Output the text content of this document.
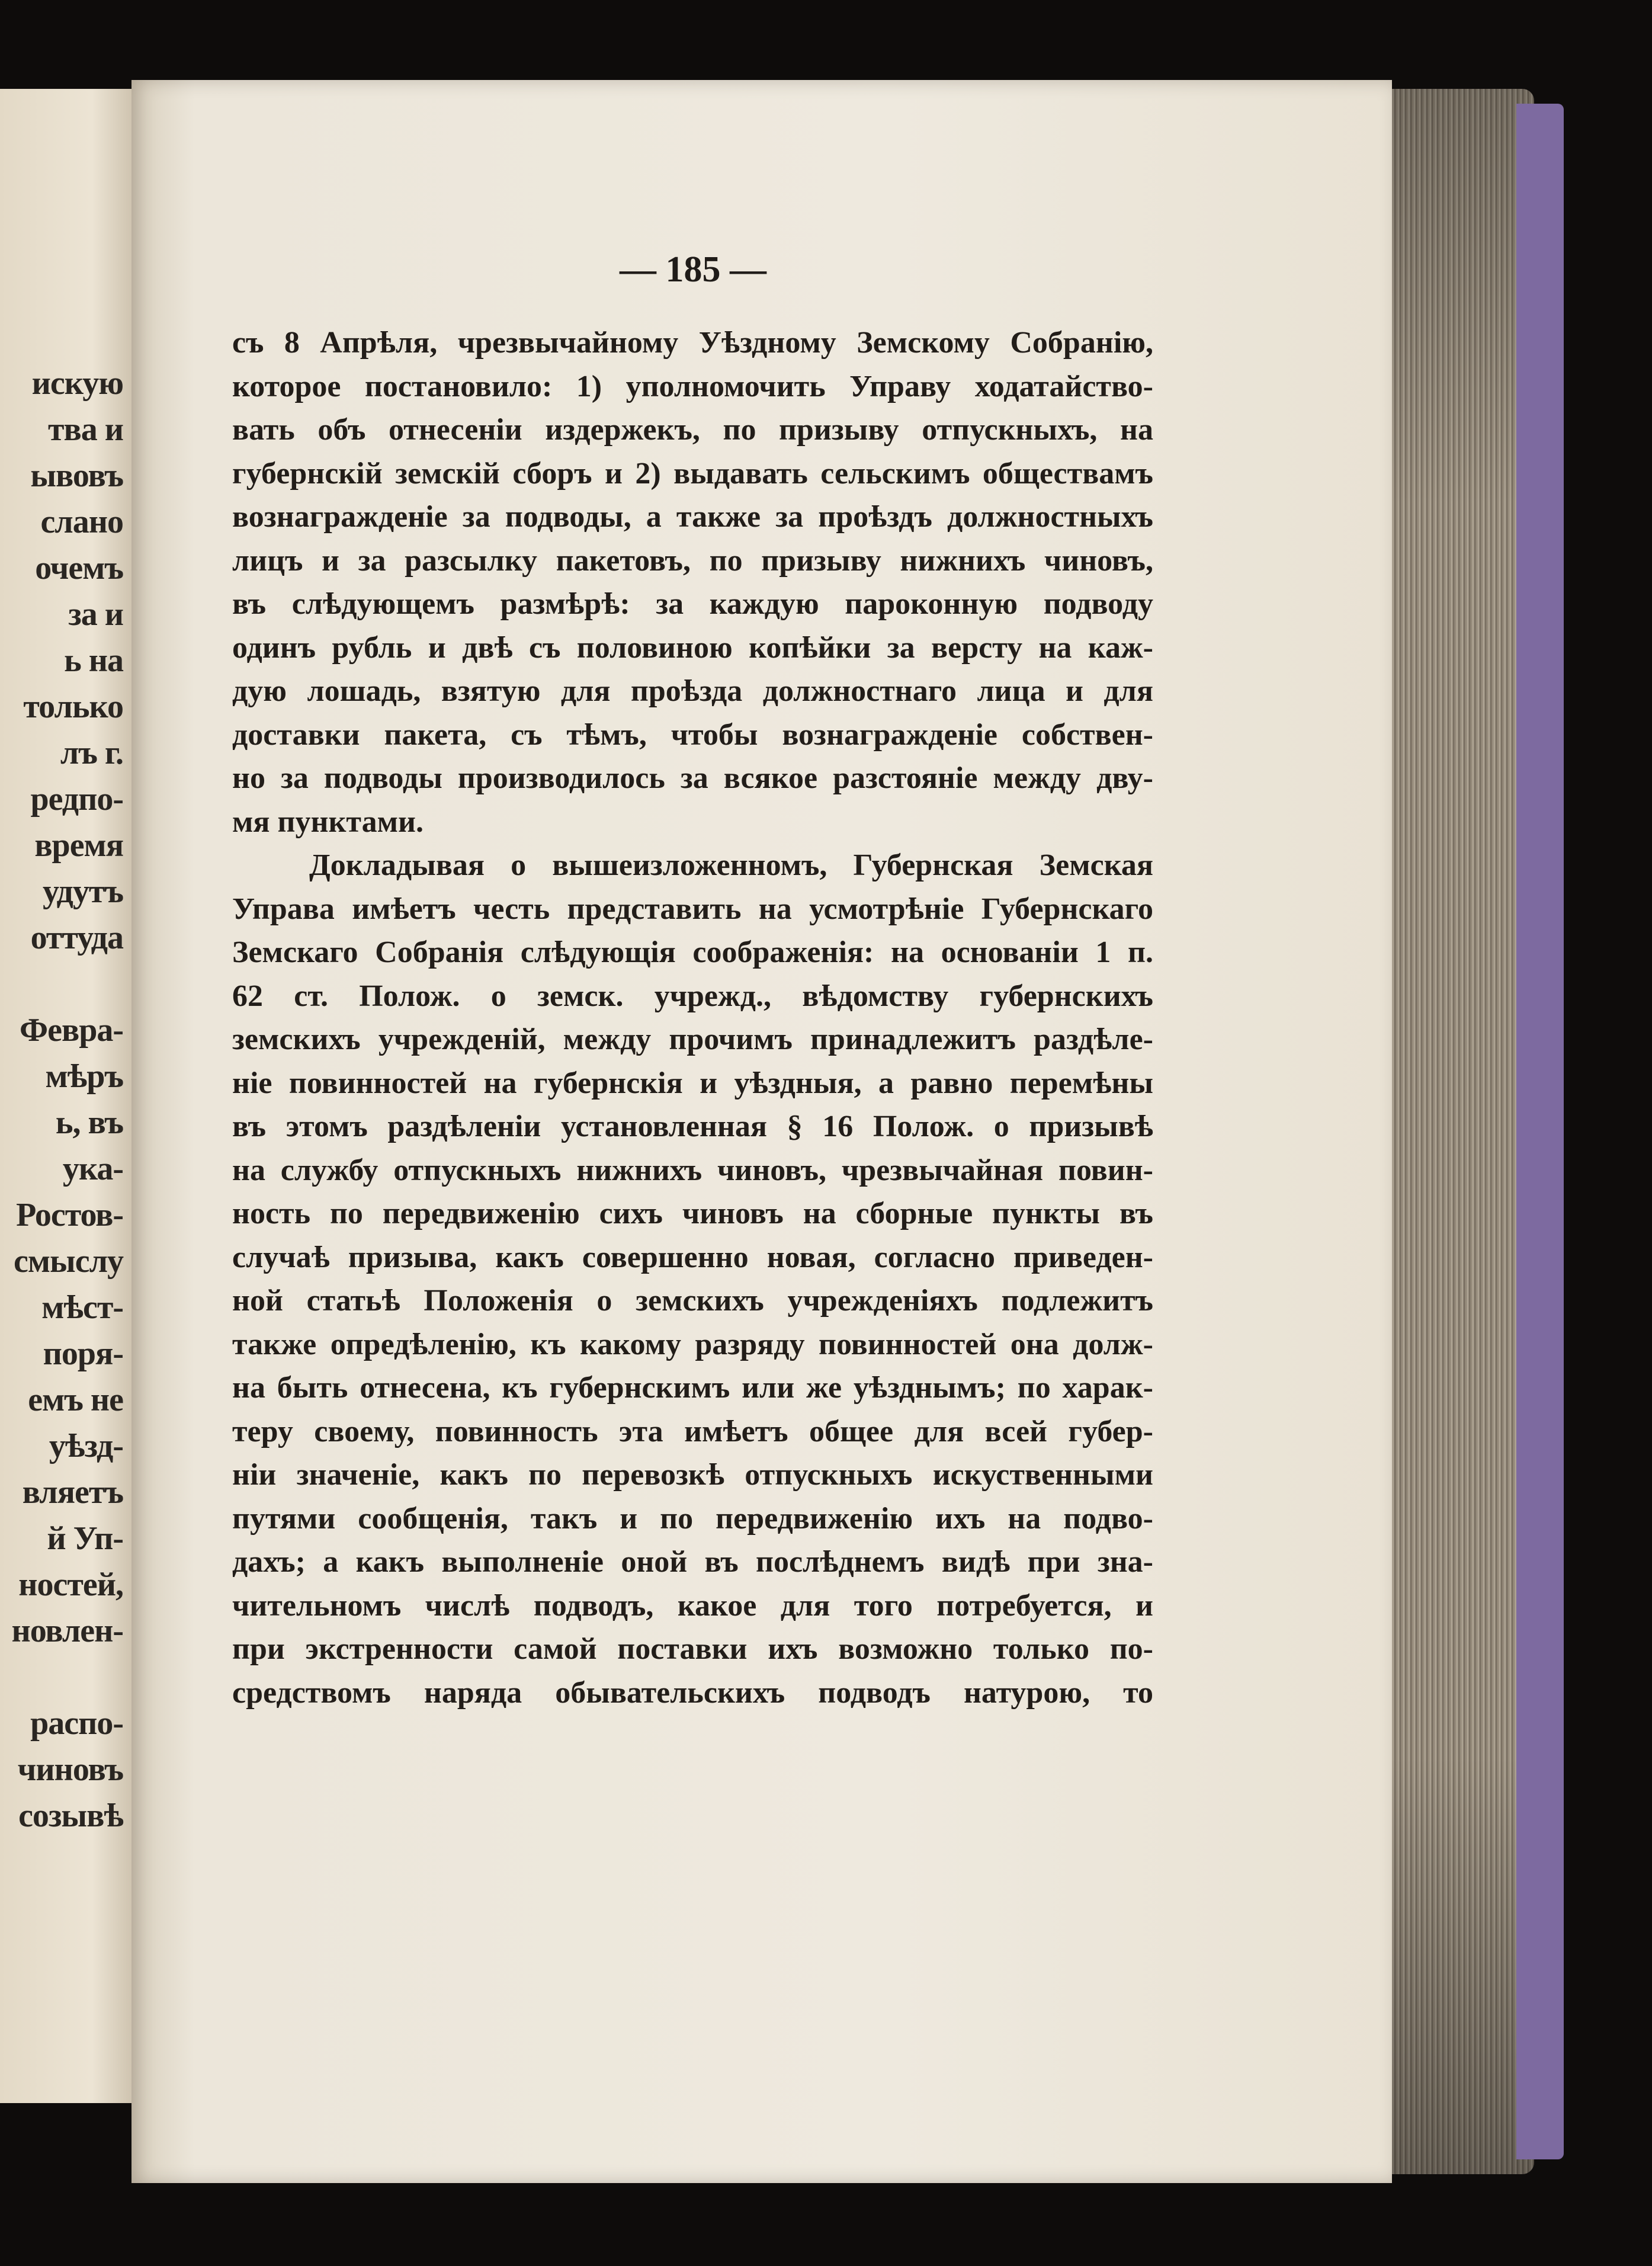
искую
тва и
ывовъ
слано
очемъ
за и
ь на
только
лъ г.
редпо-
время
удутъ
оттуда
Февра-
мѣръ
ь, въ
ука-
Ростов-
смыслу
мѣст-
поря-
емъ не
уѣзд-
вляетъ
й Уп-
ностей,
новлен-
распо-
чиновъ
созывѣ
— 185 —
съ 8 Апрѣля, чрезвычайному Уѣздному Земскому Собранію,
которое постановило: 1) уполномочить Управу ходатайство-
вать объ отнесеніи издержекъ, по призыву отпускныхъ, на
губернскій земскій сборъ и 2) выдавать сельскимъ обществамъ
вознагражденіе за подводы, а также за проѣздъ должностныхъ
лицъ и за разсылку пакетовъ, по призыву нижнихъ чиновъ,
въ слѣдующемъ размѣрѣ: за каждую пароконную подводу
одинъ рубль и двѣ съ половиною копѣйки за версту на каж-
дую лошадь, взятую для проѣзда должностнаго лица и для
доставки пакета, съ тѣмъ, чтобы вознагражденіе собствен-
но за подводы производилось за всякое разстояніе между дву-
мя пунктами.
Докладывая о вышеизложенномъ, Губернская Земская
Управа имѣетъ честь представить на усмотрѣніе Губернскаго
Земскаго Собранія слѣдующія соображенія: на основаніи 1 п.
62 ст. Полож. о земск. учрежд., вѣдомству губернскихъ
земскихъ учрежденій, между прочимъ принадлежитъ раздѣле-
ніе повинностей на губернскія и уѣздныя, а равно перемѣны
въ этомъ раздѣленіи установленная § 16 Полож. о призывѣ
на службу отпускныхъ нижнихъ чиновъ, чрезвычайная повин-
ность по передвиженію сихъ чиновъ на сборные пункты въ
случаѣ призыва, какъ совершенно новая, согласно приведен-
ной статьѣ Положенія о земскихъ учрежденіяхъ подлежитъ
также опредѣленію, къ какому разряду повинностей она долж-
на быть отнесена, къ губернскимъ или же уѣзднымъ; по харак-
теру своему, повинность эта имѣетъ общее для всей губер-
ніи значеніе, какъ по перевозкѣ отпускныхъ искуственными
путями сообщенія, такъ и по передвиженію ихъ на подво-
дахъ; а какъ выполненіе оной въ послѣднемъ видѣ при зна-
чительномъ числѣ подводъ, какое для того потребуется, и
при экстренности самой поставки ихъ возможно только по-
средствомъ наряда обывательскихъ подводъ натурою, то
